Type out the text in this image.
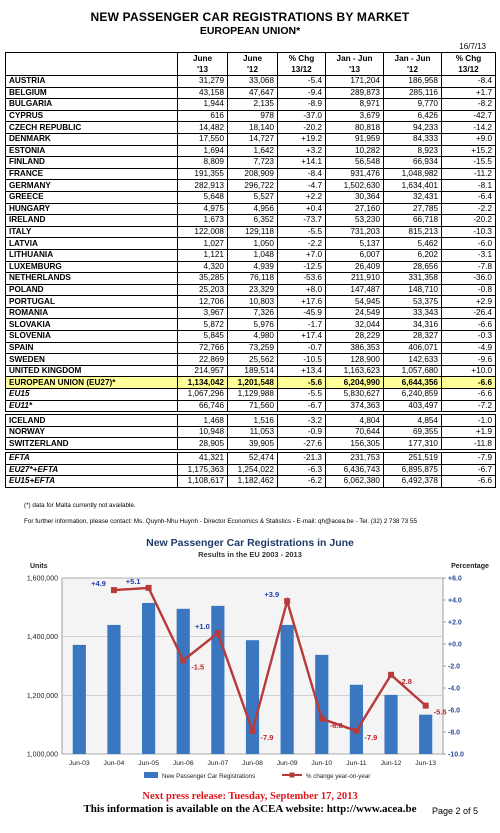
NEW PASSENGER CAR REGISTRATIONS BY MARKET
EUROPEAN UNION*
16/7/13
	June	June	% Chg	Jan - Jun	Jan - Jun	% Chg
	'13	'12	13/12	'13	'12	13/12
AUSTRIA	31,279	33,068	-5.4	171,204	186,958	-8.4
BELGIUM	43,158	47,647	-9.4	289,873	285,116	+1.7
BULGARIA	1,944	2,135	-8.9	8,971	9,770	-8.2
CYPRUS	616	978	-37.0	3,679	6,426	-42.7
CZECH REPUBLIC	14,482	18,140	-20.2	80,818	94,233	-14.2
DENMARK	17,550	14,727	+19.2	91,959	84,333	+9.0
ESTONIA	1,694	1,642	+3.2	10,282	8,923	+15.2
FINLAND	8,809	7,723	+14.1	56,548	66,934	-15.5
FRANCE	191,355	208,909	-8.4	931,476	1,048,982	-11.2
GERMANY	282,913	296,722	-4.7	1,502,630	1,634,401	-8.1
GREECE	5,648	5,527	+2.2	30,364	32,431	-6.4
HUNGARY	4,975	4,956	+0.4	27,160	27,785	-2.2
IRELAND	1,673	6,352	-73.7	53,230	66,718	-20.2
ITALY	122,008	129,118	-5.5	731,203	815,213	-10.3
LATVIA	1,027	1,050	-2.2	5,137	5,462	-6.0
LITHUANIA	1,121	1,048	+7.0	6,007	6,202	-3.1
LUXEMBURG	4,320	4,939	-12.5	26,409	28,656	-7.8
NETHERLANDS	35,285	76,118	-53.6	211,910	331,358	-36.0
POLAND	25,203	23,329	+8.0	147,487	148,710	-0.8
PORTUGAL	12,706	10,803	+17.6	54,945	53,375	+2.9
ROMANIA	3,967	7,326	-45.9	24,549	33,343	-26.4
SLOVAKIA	5,872	5,976	-1.7	32,044	34,316	-6.6
SLOVENIA	5,845	4,980	+17.4	28,229	28,327	-0.3
SPAIN	72,766	73,259	-0.7	386,353	406,071	-4.9
SWEDEN	22,869	25,562	-10.5	128,900	142,633	-9.6
UNITED KINGDOM	214,957	189,514	+13.4	1,163,623	1,057,680	+10.0
EUROPEAN UNION (EU27)*	1,134,042	1,201,548	-5.6	6,204,990	6,644,356	-6.6
EU15	1,067,296	1,129,988	-5.5	5,830,627	6,240,859	-6.6
EU11*	66,746	71,560	-6.7	374,363	403,497	-7.2

ICELAND	1,468	1,516	-3.2	4,804	4,854	-1.0
NORWAY	10,948	11,053	-0.9	70,644	69,355	+1.9
SWITZERLAND	28,905	39,905	-27.6	156,305	177,310	-11.8

EFTA	41,321	52,474	-21.3	231,753	251,519	-7.9
EU27*+EFTA	1,175,363	1,254,022	-6.3	6,436,743	6,895,875	-6.7
EU15+EFTA	1,108,617	1,182,462	-6.2	6,062,380	6,492,378	-6.6
(*) data for Malta currently not available.
For further information, please contact: Ms. Quynh-Nhu Huynh - Director Economics & Statistics - E-mail: qh@acea.be - Tel. (32) 2 738 73 55
New Passenger Car Registrations in June
Results in the EU 2003 - 2013
Units	Percentage
1,000,000
1,200,000
1,400,000
1,600,000	+6.0
+4.0
+2.0
+0.0
-2.0
-4.0
-6.0
-8.0
-10.0
Jun-03 Jun-04 Jun-05 Jun-06 Jun-07 Jun-08 Jun-09 Jun-10 Jun-11 Jun-12 Jun-13
+4.9	+5.1
-1.5
+1.0
-7.9
+3.9
-6.8
-7.9
-2.8
-5.6
New Passenger Car Registrations	% change year-on-year
Next press release: Tuesday, September 17, 2013
This information is available on the ACEA website: http://www.acea.be	Page 2 of 5
